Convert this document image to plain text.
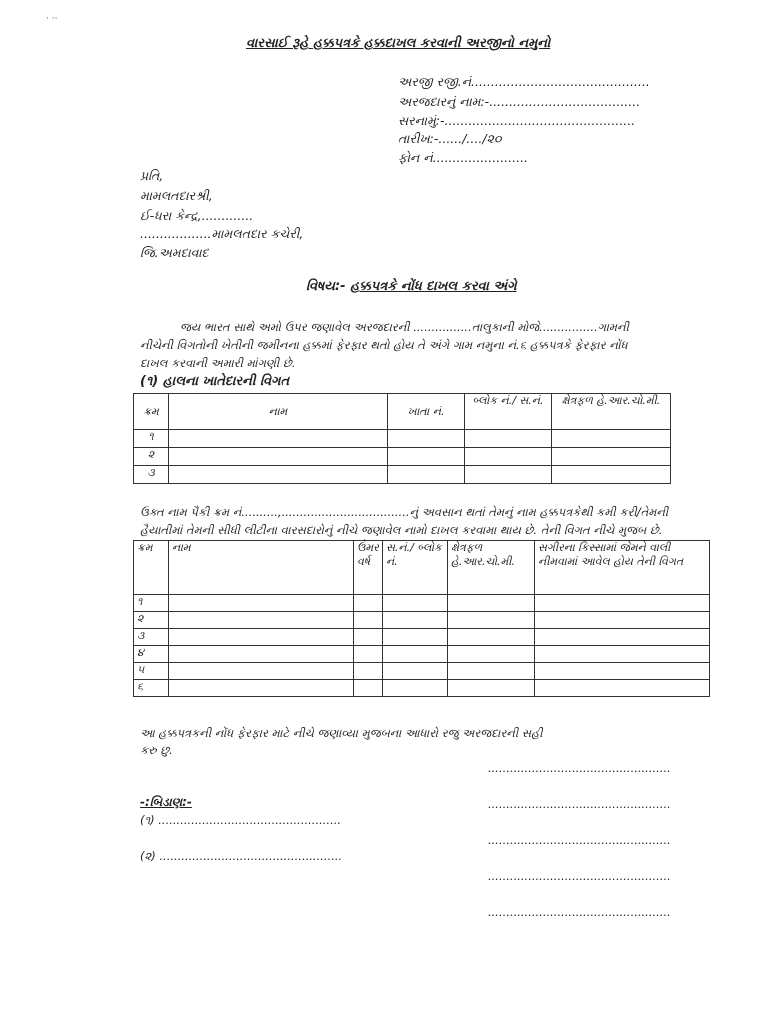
· ··
વારસાઈ રૂહે હક્કપત્રકે હક્કદાખલ કરવાની અરજીનો નમુનો
અરજી રજી.નં.............................................
અરજદારનું નામ:-......................................
સરનામું:-................................................
તારીખ:-....../..../૨૦
ફોન નં........................
પ્રતિ,
મામલતદારશ્રી,
ઈ-ધરા કેન્દ્ર,.............
..................મામલતદાર કચેરી,
જિ.અમદાવાદ
વિષય:- હક્કપત્રકે નોંધ દાખલ કરવા અંગે
જય ભારત સાથે અમો ઉપર જણાવેલ અરજદારની ................તાલુકાની મોજે................ગામની
નીચેની વિગતોની ખેતીની જમીનના હક્કમાં ફેરફાર થતો હોય તે અંગે ગામ નમુના નં.૬ હક્કપત્રકે ફેરફાર નોંધ
દાખલ કરવાની અમારી માંગણી છે.
(૧) હાલના ખાતેદારની વિગત
ક્રમ	નામ	ખાતા નં.	બ્લોક નં./ સ.નં.	ક્ષેત્રફળ હે.આર.ચો.મી.
૧				
૨				
૩				
ઉક્ત નામ પૈકી ક્રમ નં..........,...................................નું અવસાન થતાં તેમનું નામ હક્કપત્રકેથી કમી કરી/તેમની
હૈયાતીમાં તેમની સીધી લીટીના વારસદારોનું નીચે જણાવેલ નામો દાખલ કરવામા થાય છે. તેની વિગત નીચે મુજબ છે.
ક્રમ	નામ	ઉંમર વર્ષ	સ.નં./ બ્લોક નં.	ક્ષેત્રફળ હે.આર.ચો.મી.	સગીરના કિસ્સામાં જેમને વાલી નીમવામાં આવેલ હોય તેની વિગત
૧					
૨					
૩					
૪					
૫					
૬					
આ હક્કપત્રકની નોંધ ફેરફાર માટે નીચે જણાવ્યા મુજબના આધારો રજુ અરજદારની સહી
કરુ છુ.
..................................................
..................................................
..................................................
..................................................
..................................................
-:બિડાણ:-
(૧) ..................................................
(૨) ..................................................
